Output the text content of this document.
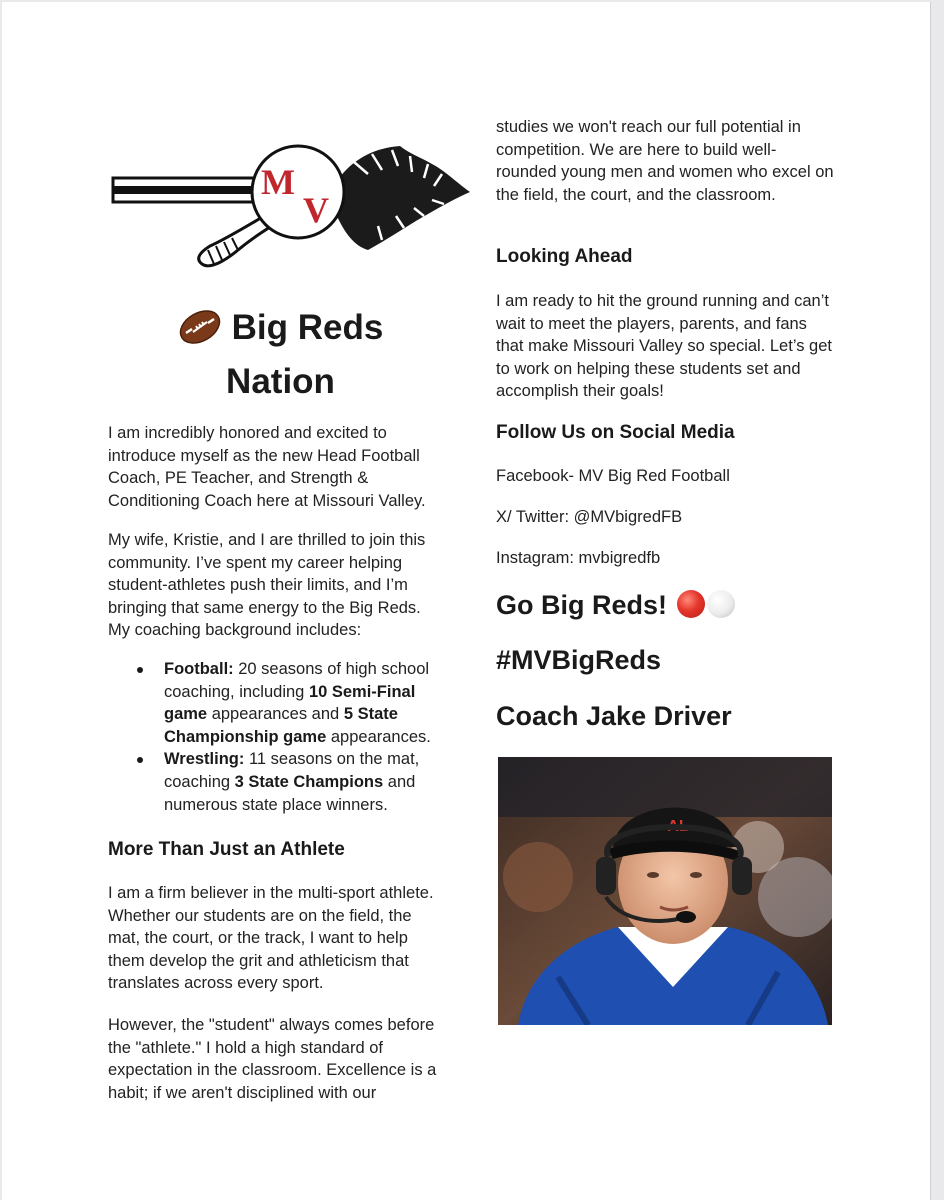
M
V
Big Reds
Nation

I am incredibly honored and excited to introduce myself as the new Head Football Coach, PE Teacher, and Strength & Conditioning Coach here at Missouri Valley.

My wife, Kristie, and I are thrilled to join this community. I’ve spent my career helping student-athletes push their limits, and I’m bringing that same energy to the Big Reds. My coaching background includes:

Football: 20 seasons of high school coaching, including 10 Semi-Final game appearances and 5 State Championship game appearances.
Wrestling: 11 seasons on the mat, coaching 3 State Champions and numerous state place winners.
More Than Just an Athlete

I am a firm believer in the multi-sport athlete. Whether our students are on the field, the mat, the court, or the track, I want to help them develop the grit and athleticism that translates across every sport.

However, the "student" always comes before the "athlete." I hold a high standard of expectation in the classroom. Excellence is a habit; if we aren't disciplined with our

studies we won't reach our full potential in competition. We are here to build well-rounded young men and women who excel on the field, the court, and the classroom.

Looking Ahead

I am ready to hit the ground running and can’t wait to meet the players, parents, and fans that make Missouri Valley so special. Let’s get to work on helping these students set and accomplish their goals!

Follow Us on Social Media

Facebook- MV Big Red Football

X/ Twitter: @MVbigredFB

Instagram: mvbigredfb

Go Big Reds!
#MVBigReds
Coach Jake Driver
AL
